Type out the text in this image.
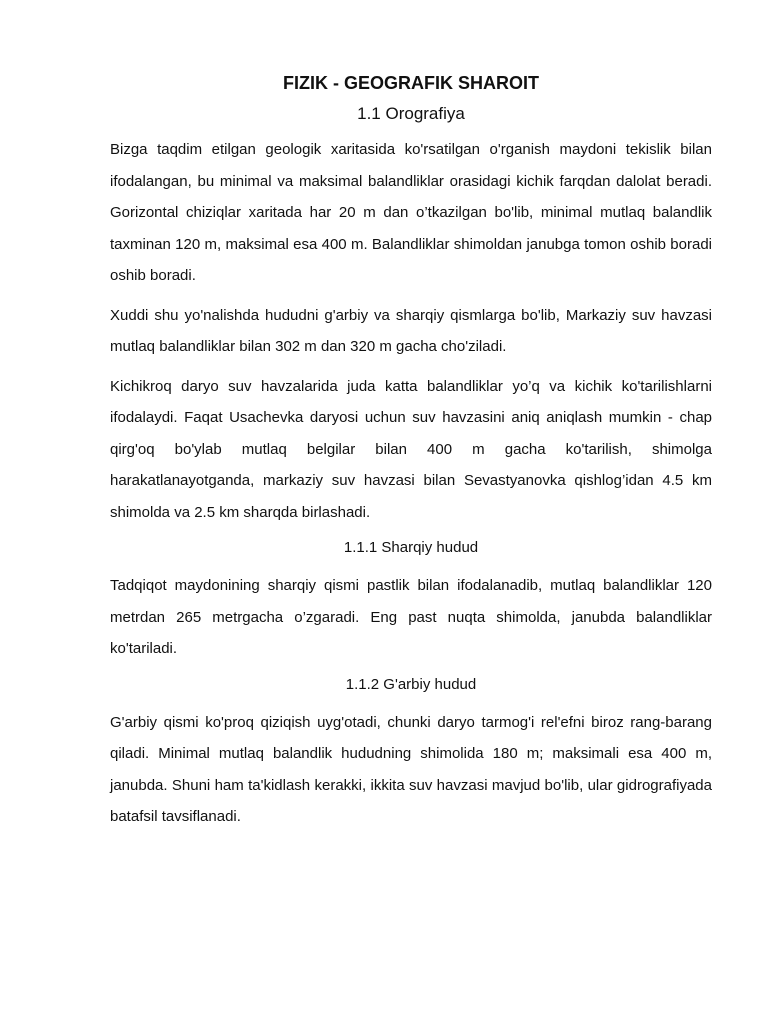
FIZIK - GEOGRAFIK SHAROIT
1.1 Orografiya

Bizga taqdim etilgan geologik xaritasida ko'rsatilgan o'rganish maydoni tekislik bilan ifodalangan, bu minimal va maksimal balandliklar orasidagi kichik farqdan dalolat beradi. Gorizontal chiziqlar xaritada har 20 m dan o’tkazilgan bo'lib, minimal mutlaq balandlik taxminan 120 m, maksimal esa 400 m. Balandliklar shimoldan janubga tomon oshib boradi oshib boradi.

Xuddi shu yo'nalishda hududni g'arbiy va sharqiy qismlarga bo'lib, Markaziy suv havzasi mutlaq balandliklar bilan 302 m dan 320 m gacha cho'ziladi.

Kichikroq daryo suv havzalarida juda katta balandliklar yo’q va kichik ko'tarilishlarni ifodalaydi. Faqat Usachevka daryosi uchun suv havzasini aniq aniqlash mumkin - chap qirg'oq bo'ylab mutlaq belgilar bilan 400 m gacha ko'tarilish, shimolga harakatlanayotganda, markaziy suv havzasi bilan Sevastyanovka qishlog’idan 4.5 km shimolda va 2.5 km sharqda birlashadi.

1.1.1 Sharqiy hudud

Tadqiqot maydonining sharqiy qismi pastlik bilan ifodalanadib, mutlaq balandliklar 120 metrdan 265 metrgacha o’zgaradi. Eng past nuqta shimolda, janubda balandliklar ko'tariladi.

1.1.2 G'arbiy hudud

G'arbiy qismi ko'proq qiziqish uyg'otadi, chunki daryo tarmog'i rel'efni biroz rang-barang qiladi. Minimal mutlaq balandlik hududning shimolida 180 m; maksimali esa 400 m, janubda. Shuni ham ta'kidlash kerakki, ikkita suv havzasi mavjud bo'lib, ular gidrografiyada batafsil tavsiflanadi.
